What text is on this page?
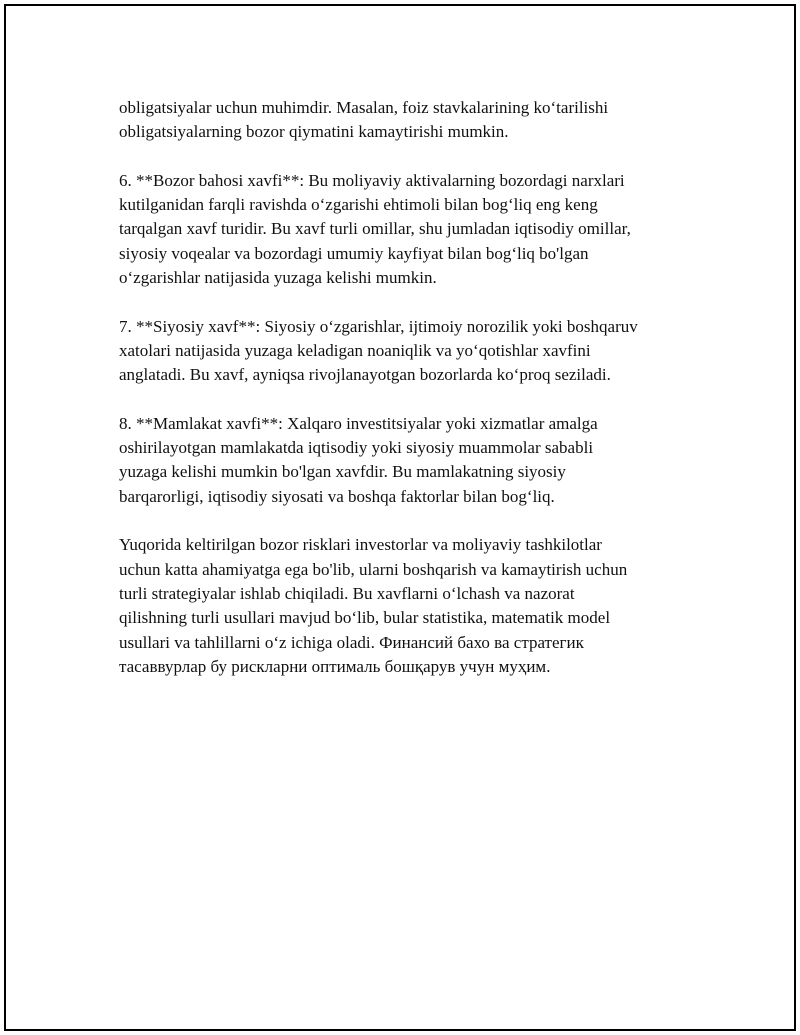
obligatsiyalar uchun muhimdir. Masalan, foiz stavkalarining ko‘tarilishi
obligatsiyalarning bozor qiymatini kamaytirishi mumkin.
6. **Bozor bahosi xavfi**: Bu moliyaviy aktivalarning bozordagi narxlari
kutilganidan farqli ravishda o‘zgarishi ehtimoli bilan bog‘liq eng keng
tarqalgan xavf turidir. Bu xavf turli omillar, shu jumladan iqtisodiy omillar,
siyosiy voqealar va bozordagi umumiy kayfiyat bilan bog‘liq bo'lgan
o‘zgarishlar natijasida yuzaga kelishi mumkin.
7. **Siyosiy xavf**: Siyosiy o‘zgarishlar, ijtimoiy norozilik yoki boshqaruv
xatolari natijasida yuzaga keladigan noaniqlik va yo‘qotishlar xavfini
anglatadi. Bu xavf, ayniqsa rivojlanayotgan bozorlarda ko‘proq seziladi.
8. **Mamlakat xavfi**: Xalqaro investitsiyalar yoki xizmatlar amalga
oshirilayotgan mamlakatda iqtisodiy yoki siyosiy muammolar sababli
yuzaga kelishi mumkin bo'lgan xavfdir. Bu mamlakatning siyosiy
barqarorligi, iqtisodiy siyosati va boshqa faktorlar bilan bog‘liq.
Yuqorida keltirilgan bozor risklari investorlar va moliyaviy tashkilotlar
uchun katta ahamiyatga ega bo'lib, ularni boshqarish va kamaytirish uchun
turli strategiyalar ishlab chiqiladi. Bu xavflarni o‘lchash va nazorat
qilishning turli usullari mavjud bo‘lib, bular statistika, matematik model
usullari va tahlillarni o‘z ichiga oladi. Финансий бахо ва стратегик
тасаввурлар бу рискларни оптималь бошқарув учун муҳим.
